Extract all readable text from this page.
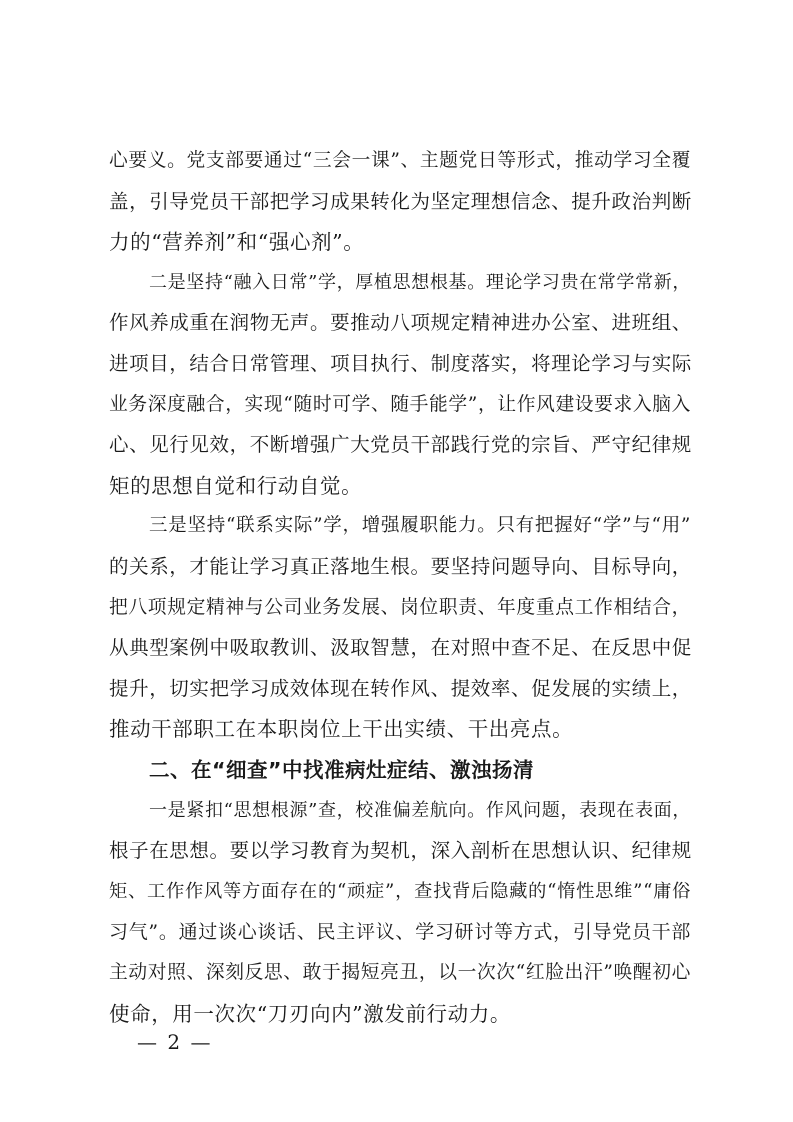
心要义。党支部要通过“三会一课”、主题党日等形式，推动学习全覆
盖，引导党员干部把学习成果转化为坚定理想信念、提升政治判断
力的“营养剂”和“强心剂”。
二是坚持“融入日常”学，厚植思想根基。理论学习贵在常学常新，
作风养成重在润物无声。要推动八项规定精神进办公室、进班组、
进项目，结合日常管理、项目执行、制度落实，将理论学习与实际
业务深度融合，实现“随时可学、随手能学”，让作风建设要求入脑入
心、见行见效，不断增强广大党员干部践行党的宗旨、严守纪律规
矩的思想自觉和行动自觉。
三是坚持“联系实际”学，增强履职能力。只有把握好“学”与“用”
的关系，才能让学习真正落地生根。要坚持问题导向、目标导向，
把八项规定精神与公司业务发展、岗位职责、年度重点工作相结合，
从典型案例中吸取教训、汲取智慧，在对照中查不足、在反思中促
提升，切实把学习成效体现在转作风、提效率、促发展的实绩上，
推动干部职工在本职岗位上干出实绩、干出亮点。
二、在“细查”中找准病灶症结、激浊扬清
一是紧扣“思想根源”查，校准偏差航向。作风问题，表现在表面，
根子在思想。要以学习教育为契机，深入剖析在思想认识、纪律规
矩、工作作风等方面存在的“顽症”，查找背后隐藏的“惰性思维”“庸俗
习气”。通过谈心谈话、民主评议、学习研讨等方式，引导党员干部
主动对照、深刻反思、敢于揭短亮丑，以一次次“红脸出汗”唤醒初心
使命，用一次次“刀刃向内”激发前行动力。
— 2 —
